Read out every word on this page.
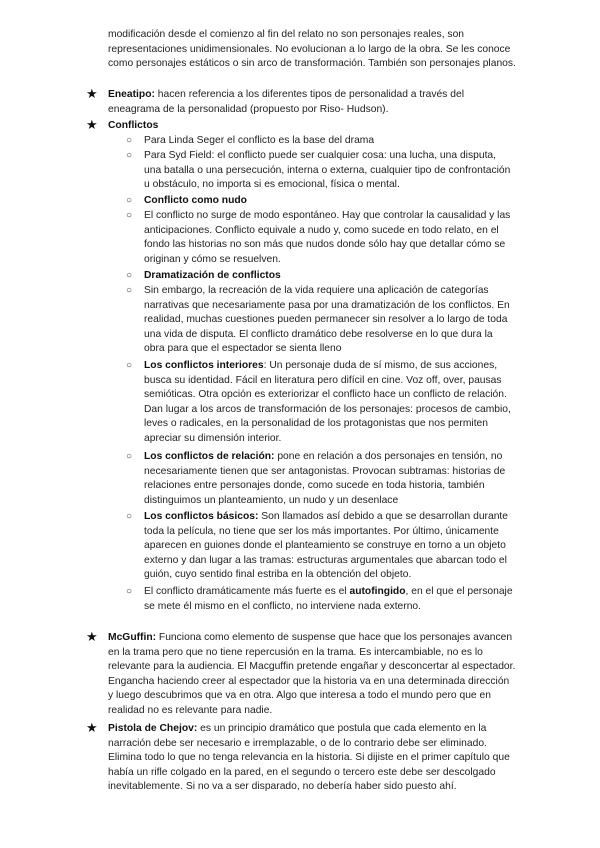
modificación desde el comienzo al fin del relato no son personajes reales, son representaciones unidimensionales. No evolucionan a lo largo de la obra. Se les conoce como personajes estáticos o sin arco de transformación. También son personajes planos.

★ Eneatipo: hacen referencia a los diferentes tipos de personalidad a través del eneagrama de la personalidad (propuesto por Riso- Hudson).
★ Conflictos
○ Para Linda Seger el conflicto es la base del drama
○ Para Syd Field: el conflicto puede ser cualquier cosa: una lucha, una disputa, una batalla o una persecución, interna o externa, cualquier tipo de confrontación u obstáculo, no importa si es emocional, física o mental.
○ Conflicto como nudo
○ El conflicto no surge de modo espontáneo. Hay que controlar la causalidad y las anticipaciones. Conflicto equivale a nudo y, como sucede en todo relato, en el fondo las historias no son más que nudos donde sólo hay que detallar cómo se originan y cómo se resuelven.
○ Dramatización de conflictos
○ Sin embargo, la recreación de la vida requiere una aplicación de categorías narrativas que necesariamente pasa por una dramatización de los conflictos. En realidad, muchas cuestiones pueden permanecer sin resolver a lo largo de toda una vida de disputa. El conflicto dramático debe resolverse en lo que dura la obra para que el espectador se sienta lleno
○ Los conflictos interiores: Un personaje duda de sí mismo, de sus acciones, busca su identidad. Fácil en literatura pero difícil en cine. Voz off, over, pausas semióticas. Otra opción es exteriorizar el conflicto hace un conflicto de relación. Dan lugar a los arcos de transformación de los personajes: procesos de cambio, leves o radicales, en la personalidad de los protagonistas que nos permiten apreciar su dimensión interior.
○ Los conflictos de relación: pone en relación a dos personajes en tensión, no necesariamente tienen que ser antagonistas. Provocan subtramas: historias de relaciones entre personajes donde, como sucede en toda historia, también distinguimos un planteamiento, un nudo y un desenlace
○ Los conflictos básicos: Son llamados así debido a que se desarrollan durante toda la película, no tiene que ser los más importantes. Por último, únicamente aparecen en guiones donde el planteamiento se construye en torno a un objeto externo y dan lugar a las tramas: estructuras argumentales que abarcan todo el guión, cuyo sentido final estriba en la obtención del objeto.
○ El conflicto dramáticamente más fuerte es el autofingido, en el que el personaje se mete él mismo en el conflicto, no interviene nada externo.
★ McGuffin: Funciona como elemento de suspense que hace que los personajes avancen en la trama pero que no tiene repercusión en la trama. Es intercambiable, no es lo relevante para la audiencia. El Macguffin pretende engañar y desconcertar al espectador. Engancha haciendo creer al espectador que la historia va en una determinada dirección y luego descubrimos que va en otra. Algo que interesa a todo el mundo pero que en realidad no es relevante para nadie.
★ Pistola de Chejov: es un principio dramático que postula que cada elemento en la narración debe ser necesario e irremplazable, o de lo contrario debe ser eliminado. Elimina todo lo que no tenga relevancia en la historia. Si dijiste en el primer capítulo que había un rifle colgado en la pared, en el segundo o tercero este debe ser descolgado inevitablemente. Si no va a ser disparado, no debería haber sido puesto ahí.
